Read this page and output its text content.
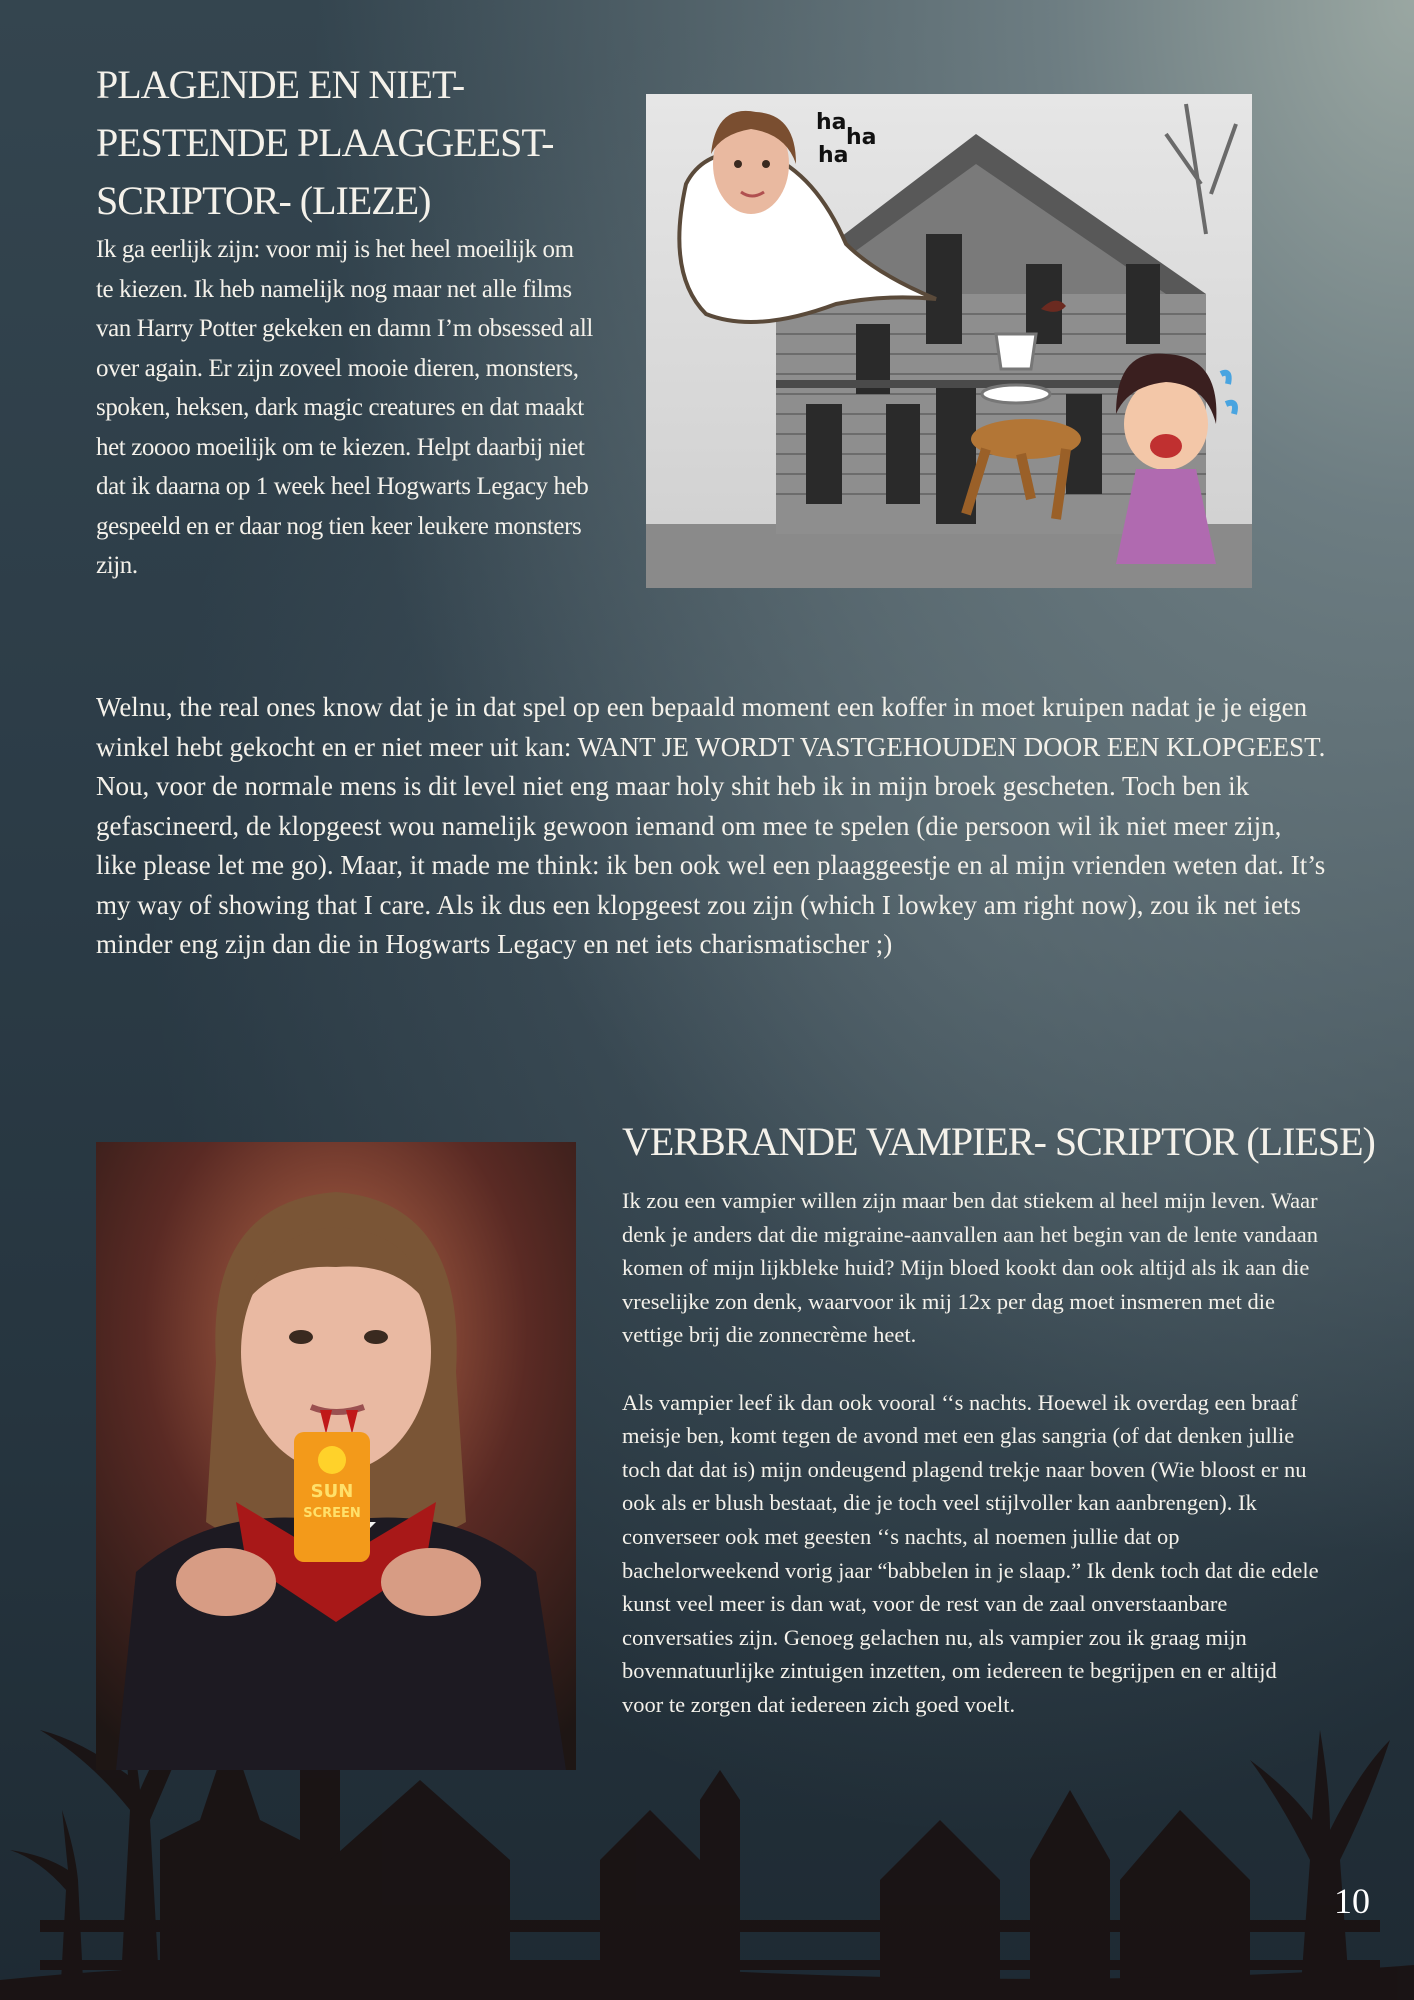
PLAGENDE EN NIET-PESTENDE PLAAGGEEST-SCRIPTOR- (LIEZE)
Ik ga eerlijk zijn: voor mij is het heel moeilijk om te kiezen. Ik heb namelijk nog maar net alle films van Harry Potter gekeken en damn I’m obsessed all over again. Er zijn zoveel mooie dieren, monsters, spoken, heksen, dark magic creatures en dat maakt het zoooo moeilijk om te kiezen. Helpt daarbij niet dat ik daarna op 1 week heel Hogwarts Legacy heb gespeeld en er daar nog tien keer leukere monsters zijn.
ha
ha
ha
Welnu, the real ones know dat je in dat spel op een bepaald moment een koffer in moet kruipen nadat je je eigen winkel hebt gekocht en er niet meer uit kan: WANT JE WORDT VASTGEHOUDEN DOOR EEN KLOPGEEST. Nou, voor de normale mens is dit level niet eng maar holy shit heb ik in mijn broek gescheten. Toch ben ik gefascineerd, de klopgeest wou namelijk gewoon iemand om mee te spelen (die persoon wil ik niet meer zijn, like please let me go). Maar, it made me think: ik ben ook wel een plaaggeestje en al mijn vrienden weten dat. It’s my way of showing that I care. Als ik dus een klopgeest zou zijn (which I lowkey am right now), zou ik net iets minder eng zijn dan die in Hogwarts Legacy en net iets charismatischer ;)
SUN
SCREEN
VERBRANDE VAMPIER- SCRIPTOR (LIESE)

Ik zou een vampier willen zijn maar ben dat stiekem al heel mijn leven. Waar denk je anders dat die migraine-aanvallen aan het begin van de lente vandaan komen of mijn lijkbleke huid? Mijn bloed kookt dan ook altijd als ik aan die vreselijke zon denk, waarvoor ik mij 12x per dag moet insmeren met die vettige brij die zonnecrème heet.

Als vampier leef ik dan ook vooral ‘‘s nachts. Hoewel ik overdag een braaf meisje ben, komt tegen de avond met een glas sangria (of dat denken jullie toch dat dat is) mijn ondeugend plagend trekje naar boven (Wie bloost er nu ook als er blush bestaat, die je toch veel stijlvoller kan aanbrengen). Ik converseer ook met geesten ‘‘s nachts, al noemen jullie dat op bachelorweekend vorig jaar “babbelen in je slaap.” Ik denk toch dat die edele kunst veel meer is dan wat, voor de rest van de zaal onverstaanbare conversaties zijn. Genoeg gelachen nu, als vampier zou ik graag mijn bovennatuurlijke zintuigen inzetten, om iedereen te begrijpen en er altijd voor te zorgen dat iedereen zich goed voelt.

10
